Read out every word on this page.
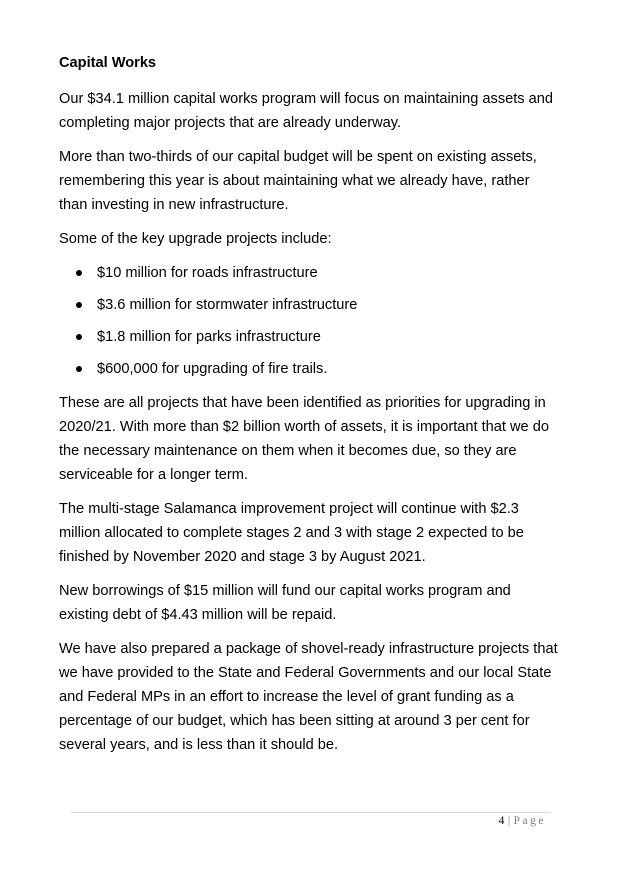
Capital Works

Our $34.1 million capital works program will focus on maintaining assets and completing major projects that are already underway.

More than two-thirds of our capital budget will be spent on existing assets, remembering this year is about maintaining what we already have, rather than investing in new infrastructure.

Some of the key upgrade projects include:

$10 million for roads infrastructure
$3.6 million for stormwater infrastructure
$1.8 million for parks infrastructure
$600,000 for upgrading of fire trails.

These are all projects that have been identified as priorities for upgrading in 2020/21. With more than $2 billion worth of assets, it is important that we do the necessary maintenance on them when it becomes due, so they are serviceable for a longer term.

The multi-stage Salamanca improvement project will continue with $2.3 million allocated to complete stages 2 and 3 with stage 2 expected to be finished by November 2020 and stage 3 by August 2021.

New borrowings of $15 million will fund our capital works program and existing debt of $4.43 million will be repaid.

We have also prepared a package of shovel-ready infrastructure projects that we have provided to the State and Federal Governments and our local State and Federal MPs in an effort to increase the level of grant funding as a percentage of our budget, which has been sitting at around 3 per cent for several years, and is less than it should be.

4 | Page
